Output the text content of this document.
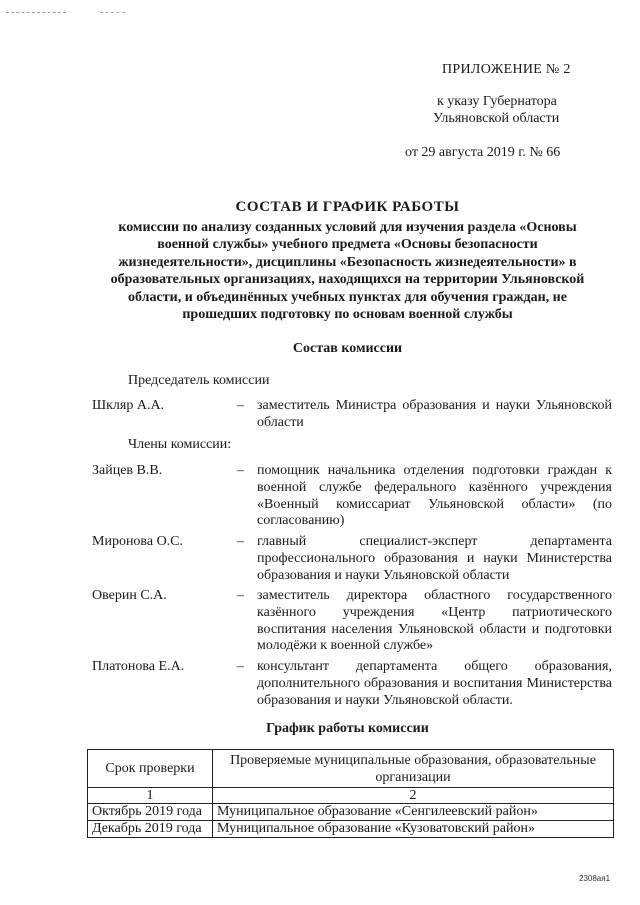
ПРИЛОЖЕНИЕ № 2
к указу Губернатора
Ульяновской области
от 29 августа 2019 г. № 66
СОСТАВ И ГРАФИК РАБОТЫ
комиссии по анализу созданных условий для изучения раздела «Основы военной службы» учебного предмета «Основы безопасности жизнедеятельности», дисциплины «Безопасность жизнедеятельности» в образовательных организациях, находящихся на территории Ульяновской области, и объединённых учебных пунктах для обучения граждан, не прошедших подготовку по основам военной службы
Состав комиссии
Председатель комиссии
Шкляр А.А.	– заместитель Министра образования и науки Ульяновской области
Члены комиссии:
Зайцев В.В.	– помощник начальника отделения подготовки граждан к военной службе федерального казённого учреждения «Военный комиссариат Ульяновской области» (по согласованию)
Миронова О.С.	– главный специалист-эксперт департамента профессионального образования и науки Министерства образования и науки Ульяновской области
Оверин С.А.	– заместитель директора областного государственного казённого учреждения «Центр патриотического воспитания населения Ульяновской области и подготовки молодёжи к военной службе»
Платонова Е.А.	– консультант департамента общего образования, дополнительного образования и воспитания Министерства образования и науки Ульяновской области.
График работы комиссии
Срок проверки	Проверяемые муниципальные образования, образовательные организации
1	2
Октябрь 2019 года	Муниципальное образование «Сенгилеевский район»
Декабрь 2019 года	Муниципальное образование «Кузоватовский район»
2308ая1
